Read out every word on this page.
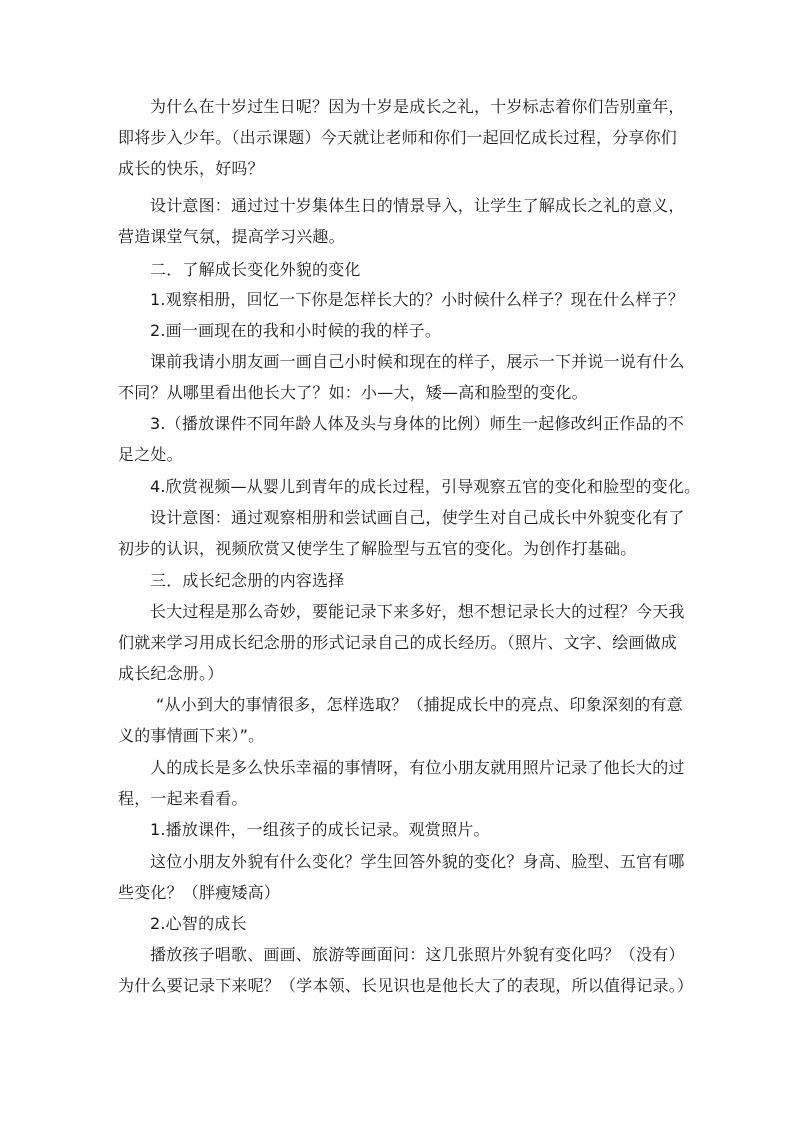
为什么在十岁过生日呢？因为十岁是成长之礼，十岁标志着你们告别童年，
即将步入少年。（出示课题）今天就让老师和你们一起回忆成长过程，分享你们
成长的快乐，好吗？
设计意图：通过过十岁集体生日的情景导入，让学生了解成长之礼的意义，
营造课堂气氛，提高学习兴趣。
二．了解成长变化外貌的变化
1.观察相册，回忆一下你是怎样长大的？小时候什么样子？现在什么样子？
2.画一画现在的我和小时候的我的样子。
课前我请小朋友画一画自己小时候和现在的样子，展示一下并说一说有什么
不同？从哪里看出他长大了？如：小—大，矮—高和脸型的变化。
3.（播放课件不同年龄人体及头与身体的比例）师生一起修改纠正作品的不
足之处。
4.欣赏视频—从婴儿到青年的成长过程，引导观察五官的变化和脸型的变化。
设计意图：通过观察相册和尝试画自己，使学生对自己成长中外貌变化有了
初步的认识，视频欣赏又使学生了解脸型与五官的变化。为创作打基础。
三．成长纪念册的内容选择
长大过程是那么奇妙，要能记录下来多好，想不想记录长大的过程？今天我
们就来学习用成长纪念册的形式记录自己的成长经历。（照片、文字、绘画做成
成长纪念册。）
“从小到大的事情很多，怎样选取？（捕捉成长中的亮点、印象深刻的有意
义的事情画下来）”。
人的成长是多么快乐幸福的事情呀，有位小朋友就用照片记录了他长大的过
程，一起来看看。
1.播放课件，一组孩子的成长记录。观赏照片。
这位小朋友外貌有什么变化？学生回答外貌的变化？身高、脸型、五官有哪
些变化？（胖瘦矮高）
2.心智的成长
播放孩子唱歌、画画、旅游等画面问：这几张照片外貌有变化吗？（没有）
为什么要记录下来呢？（学本领、长见识也是他长大了的表现，所以值得记录。）
